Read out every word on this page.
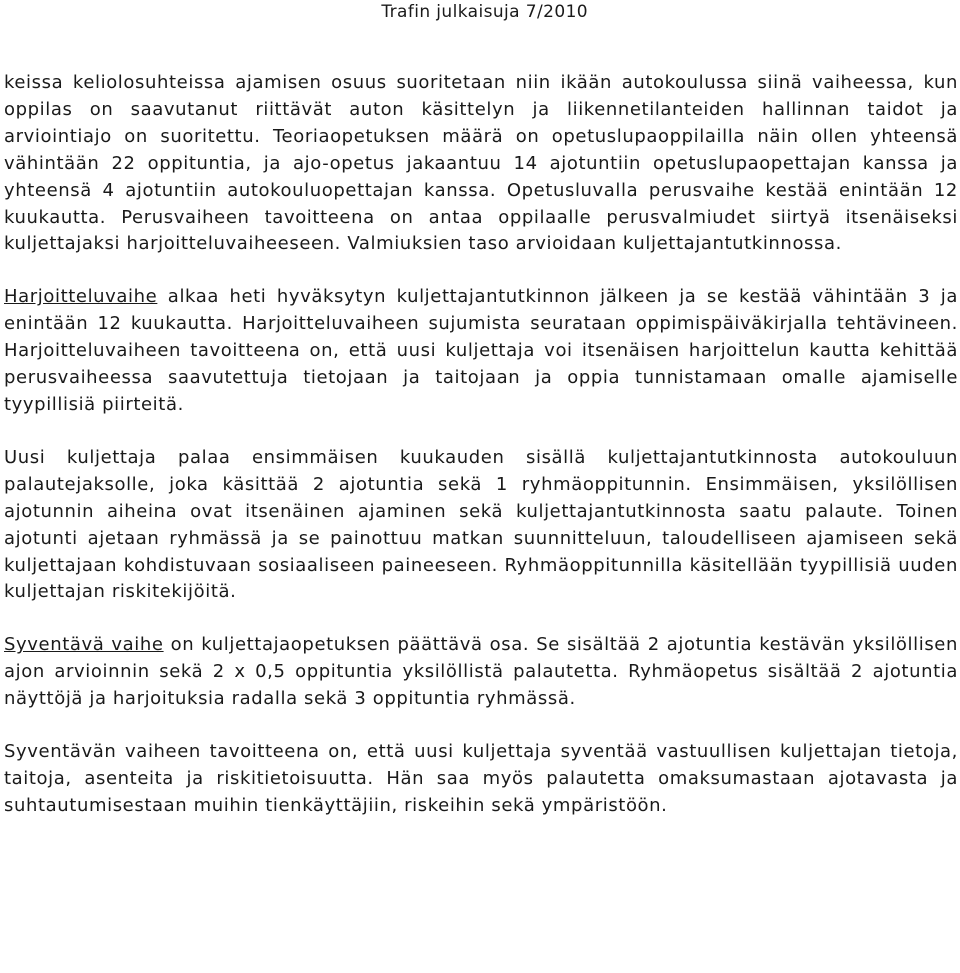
Trafin julkaisuja 7/2010

keissa keliolosuhteissa ajamisen osuus suoritetaan niin ikään autokoulussa siinä vaiheessa, kun oppilas on saavutanut riittävät auton käsittelyn ja liikennetilanteiden hallinnan taidot ja arviointiajo on suoritettu. Teoriaopetuksen määrä on opetuslupaoppilailla näin ollen yhteensä vähintään 22 oppituntia, ja ajo-opetus jakaantuu 14 ajotuntiin opetuslupaopettajan kanssa ja yhteensä 4 ajotuntiin autokouluopettajan kanssa. Opetusluvalla perusvaihe kestää enintään 12 kuukautta. Perusvaiheen tavoitteena on antaa oppilaalle perusvalmiudet siirtyä itsenäiseksi kuljettajaksi harjoitteluvaiheeseen. Valmiuksien taso arvioidaan kuljettajantutkinnossa.

Harjoitteluvaihe alkaa heti hyväksytyn kuljettajantutkinnon jälkeen ja se kestää vähintään 3 ja enintään 12 kuukautta. Harjoitteluvaiheen sujumista seurataan oppimispäiväkirjalla tehtävineen. Harjoitteluvaiheen tavoitteena on, että uusi kuljettaja voi itsenäisen harjoittelun kautta kehittää perusvaiheessa saavutettuja tietojaan ja taitojaan ja oppia tunnistamaan omalle ajamiselle tyypillisiä piirteitä.

Uusi kuljettaja palaa ensimmäisen kuukauden sisällä kuljettajantutkinnosta autokouluun palautejaksolle, joka käsittää 2 ajotuntia sekä 1 ryhmäoppitunnin. Ensimmäisen, yksilöllisen ajotunnin aiheina ovat itsenäinen ajaminen sekä kuljettajantutkinnosta saatu palaute. Toinen ajotunti ajetaan ryhmässä ja se painottuu matkan suunnitteluun, taloudelliseen ajamiseen sekä kuljettajaan kohdistuvaan sosiaaliseen paineeseen. Ryhmäoppitunnilla käsitellään tyypillisiä uuden kuljettajan riskitekijöitä.

Syventävä vaihe on kuljettajaopetuksen päättävä osa. Se sisältää 2 ajotuntia kestävän yksilöllisen ajon arvioinnin sekä 2 x 0,5 oppituntia yksilöllistä palautetta. Ryhmäopetus sisältää 2 ajotuntia näyttöjä ja harjoituksia radalla sekä 3 oppituntia ryhmässä.

Syventävän vaiheen tavoitteena on, että uusi kuljettaja syventää vastuullisen kuljettajan tietoja, taitoja, asenteita ja riskitietoisuutta. Hän saa myös palautetta omaksumastaan ajotavasta ja suhtautumisestaan muihin tienkäyttäjiin, riskeihin sekä ympäristöön.
